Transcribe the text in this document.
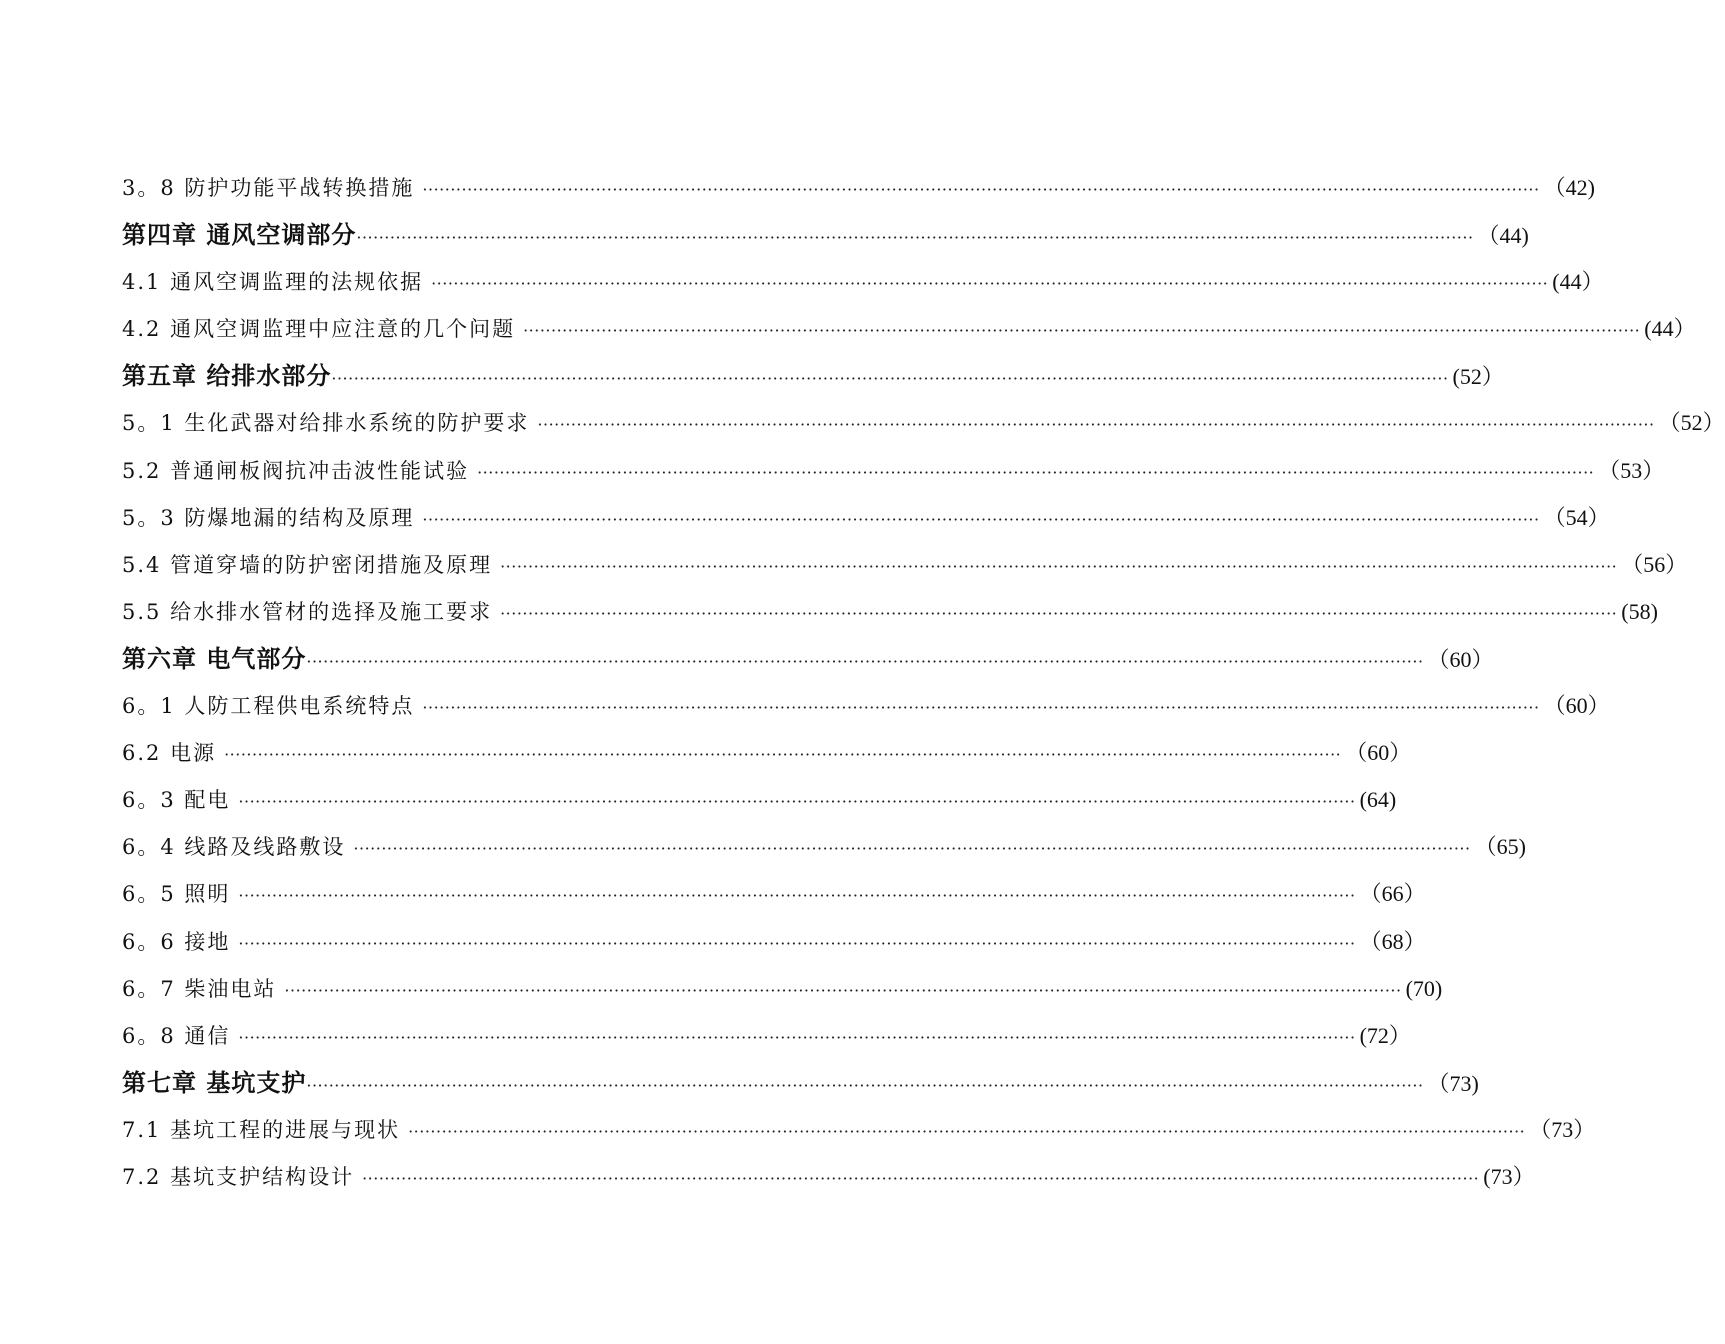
3。8 防护功能平战转换措施 ········································································································································································································ （42)
第四章 通风空调部分 ········································································································································································································ （44)
4.1 通风空调监理的法规依据 ········································································································································································································ (44）
4.2 通风空调监理中应注意的几个问题 ········································································································································································································ (44）
第五章 给排水部分 ········································································································································································································ (52）
5。1 生化武器对给排水系统的防护要求 ········································································································································································································ （52）
5.2 普通闸板阀抗冲击波性能试验 ········································································································································································································ （53）
5。3 防爆地漏的结构及原理 ········································································································································································································ （54）
5.4 管道穿墙的防护密闭措施及原理 ········································································································································································································ （56）
5.5 给水排水管材的选择及施工要求 ········································································································································································································ (58)
第六章 电气部分 ········································································································································································································ （60）
6。1 人防工程供电系统特点 ········································································································································································································ （60）
6.2 电源 ········································································································································································································ （60）
6。3 配电 ········································································································································································································ (64)
6。4 线路及线路敷设 ········································································································································································································ （65)
6。5 照明 ········································································································································································································ （66）
6。6 接地 ········································································································································································································ （68）
6。7 柴油电站 ········································································································································································································ (70)
6。8 通信 ········································································································································································································ (72）
第七章 基坑支护 ········································································································································································································ （73)
7.1 基坑工程的进展与现状 ········································································································································································································ （73）
7.2 基坑支护结构设计 ········································································································································································································ (73）
